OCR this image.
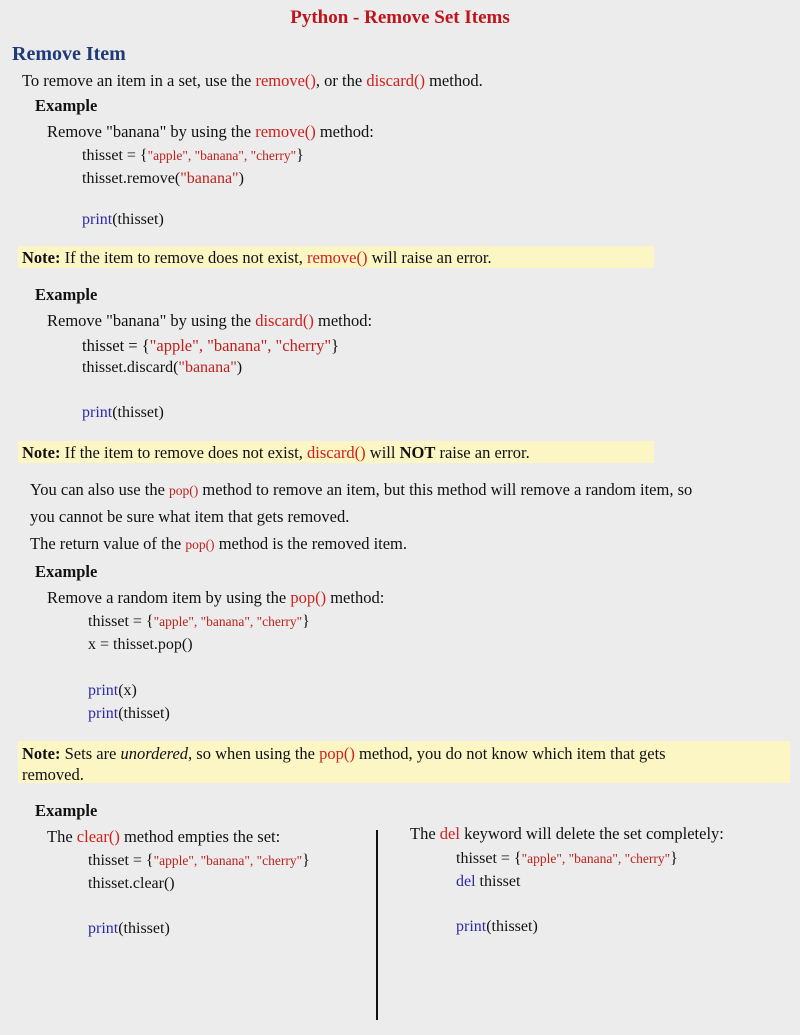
Python - Remove Set Items
Remove Item
To remove an item in a set, use the remove(), or the discard() method.
Example
Remove "banana" by using the remove() method:
thisset = {"apple", "banana", "cherry"}
thisset.remove("banana")
print(thisset)
Note: If the item to remove does not exist, remove() will raise an error.
Example
Remove "banana" by using the discard() method:
thisset = {"apple", "banana", "cherry"}
thisset.discard("banana")
print(thisset)
Note: If the item to remove does not exist, discard() will NOT raise an error.
You can also use the pop() method to remove an item, but this method will remove a random item, so
you cannot be sure what item that gets removed.
The return value of the pop() method is the removed item.
Example
Remove a random item by using the pop() method:
thisset = {"apple", "banana", "cherry"}
x = thisset.pop()
print(x)
print(thisset)
Note: Sets are unordered, so when using the pop() method, you do not know which item that gets
removed.
Example
The clear() method empties the set:
thisset = {"apple", "banana", "cherry"}
thisset.clear()
print(thisset)
The del keyword will delete the set completely:
thisset = {"apple", "banana", "cherry"}
del thisset
print(thisset)
